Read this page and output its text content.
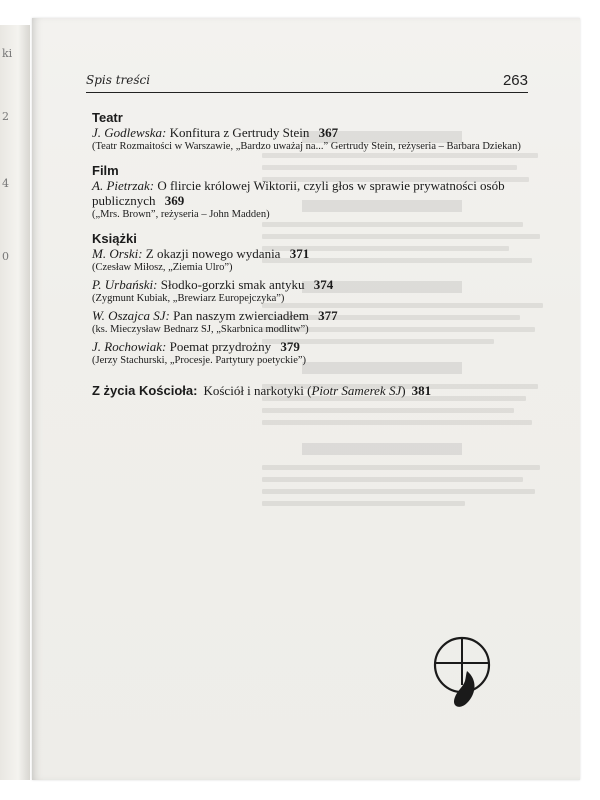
ki
2
4
0
Spis treści	263
Teatr
J. Godlewska: Konfitura z Gertrudy Stein 367
(Teatr Rozmaitości w Warszawie, „Bardzo uważaj na...” Gertrudy Stein, reżyseria – Barbara Dziekan)
Film
A. Pietrzak: O flircie królowej Wiktorii, czyli głos w sprawie prywatności osób publicznych 369
(„Mrs. Brown”, reżyseria – John Madden)
Książki
M. Orski: Z okazji nowego wydania 371
(Czesław Miłosz, „Ziemia Ulro”)
P. Urbański: Słodko-gorzki smak antyku 374
(Zygmunt Kubiak, „Brewiarz Europejczyka”)
W. Oszajca SJ: Pan naszym zwierciadłem 377
(ks. Mieczysław Bednarz SJ, „Skarbnica modlitw”)
J. Rochowiak: Poemat przydrożny 379
(Jerzy Stachurski, „Procesje. Partytury poetyckie”)
Z życia Kościoła: Kościół i narkotyki (Piotr Samerek SJ) 381
